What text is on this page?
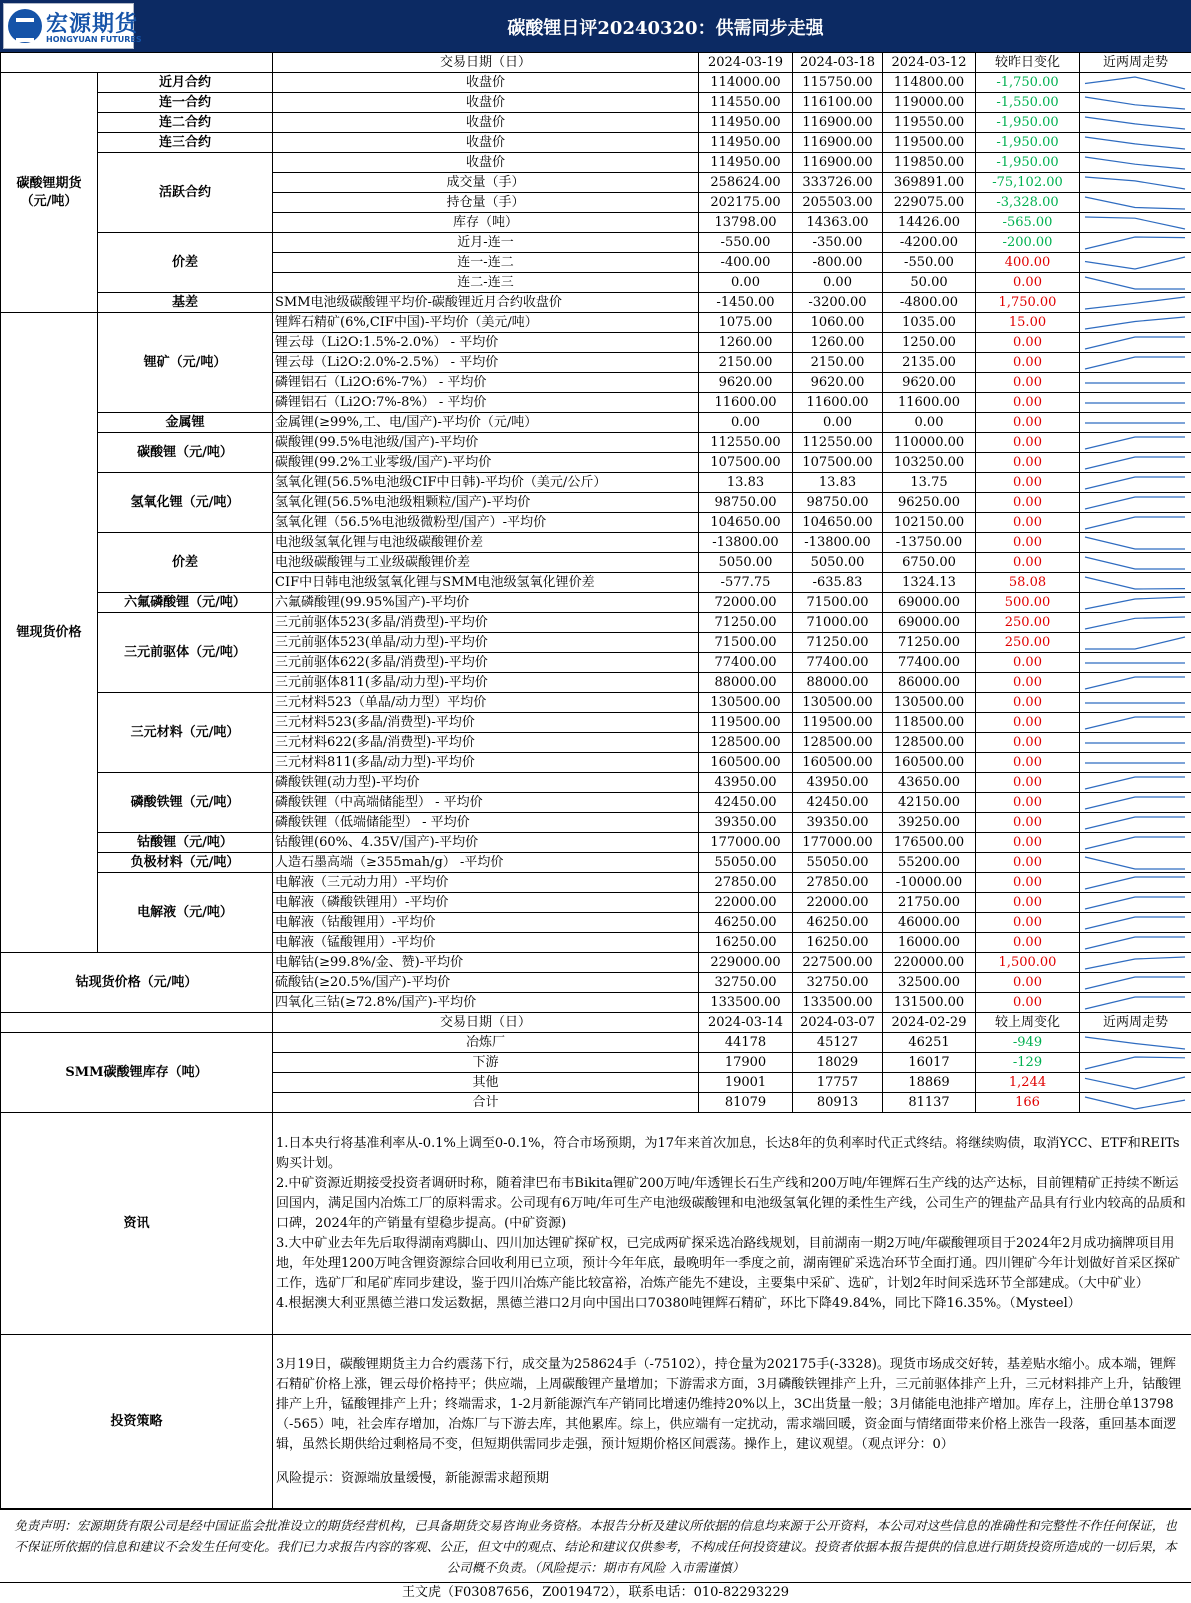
宏源期货
HONGYUAN FUTURES
碳酸锂日评20240320：供需同步走强
		交易日期（日）	2024-03-19	2024-03-18	2024-03-12	较昨日变化	近两周走势
碳酸锂期货
（元/吨）	近月合约	收盘价	114000.00	115750.00	114800.00	-1,750.00	

	连一合约	收盘价	114550.00	116100.00	119000.00	-1,550.00	

	连二合约	收盘价	114950.00	116900.00	119550.00	-1,950.00	

	连三合约	收盘价	114950.00	116900.00	119500.00	-1,950.00	

	活跃合约	收盘价	114950.00	116900.00	119850.00	-1,950.00	

		成交量（手）	258624.00	333726.00	369891.00	-75,102.00	

		持仓量（手）	202175.00	205503.00	229075.00	-3,328.00	

		库存（吨）	13798.00	14363.00	14426.00	-565.00	

	价差	近月-连一	-550.00	-350.00	-4200.00	-200.00	

		连一-连二	-400.00	-800.00	-550.00	400.00	

		连二-连三	0.00	0.00	50.00	0.00	

	基差	SMM电池级碳酸锂平均价-碳酸锂近月合约收盘价	-1450.00	-3200.00	-4800.00	1,750.00	

锂现货价格	锂矿（元/吨）	锂辉石精矿(6%,CIF中国)-平均价（美元/吨）	1075.00	1060.00	1035.00	15.00	

		锂云母（Li2O:1.5%-2.0%） - 平均价	1260.00	1260.00	1250.00	0.00	

		锂云母（Li2O:2.0%-2.5%） - 平均价	2150.00	2150.00	2135.00	0.00	

		磷锂铝石（Li2O:6%-7%） - 平均价	9620.00	9620.00	9620.00	0.00	

		磷锂铝石（Li2O:7%-8%） - 平均价	11600.00	11600.00	11600.00	0.00	

	金属锂	金属锂(≥99%,工、电/国产)-平均价（元/吨）	0.00	0.00	0.00	0.00	

	碳酸锂（元/吨）	碳酸锂(99.5%电池级/国产)-平均价	112550.00	112550.00	110000.00	0.00	

		碳酸锂(99.2%工业零级/国产)-平均价	107500.00	107500.00	103250.00	0.00	

	氢氧化锂（元/吨）	氢氧化锂(56.5%电池级CIF中日韩)-平均价（美元/公斤）	13.83	13.83	13.75	0.00	

		氢氧化锂(56.5%电池级粗颗粒/国产)-平均价	98750.00	98750.00	96250.00	0.00	

		氢氧化锂（56.5%电池级微粉型/国产）-平均价	104650.00	104650.00	102150.00	0.00	

	价差	电池级氢氧化锂与电池级碳酸锂价差	-13800.00	-13800.00	-13750.00	0.00	

		电池级碳酸锂与工业级碳酸锂价差	5050.00	5050.00	6750.00	0.00	

		CIF中日韩电池级氢氧化锂与SMM电池级氢氧化锂价差	-577.75	-635.83	1324.13	58.08	

	六氟磷酸锂（元/吨）	六氟磷酸锂(99.95%国产)-平均价	72000.00	71500.00	69000.00	500.00	

	三元前驱体（元/吨）	三元前驱体523(多晶/消费型)-平均价	71250.00	71000.00	69000.00	250.00	

		三元前驱体523(单晶/动力型)-平均价	71500.00	71250.00	71250.00	250.00	

		三元前驱体622(多晶/消费型)-平均价	77400.00	77400.00	77400.00	0.00	

		三元前驱体811(多晶/动力型)-平均价	88000.00	88000.00	86000.00	0.00	

	三元材料（元/吨）	三元材料523（单晶/动力型）平均价	130500.00	130500.00	130500.00	0.00	

		三元材料523(多晶/消费型)-平均价	119500.00	119500.00	118500.00	0.00	

		三元材料622(多晶/消费型)-平均价	128500.00	128500.00	128500.00	0.00	

		三元材料811(多晶/动力型)-平均价	160500.00	160500.00	160500.00	0.00	

	磷酸铁锂（元/吨）	磷酸铁锂(动力型)-平均价	43950.00	43950.00	43650.00	0.00	

		磷酸铁锂（中高端储能型） - 平均价	42450.00	42450.00	42150.00	0.00	

		磷酸铁锂（低端储能型） - 平均价	39350.00	39350.00	39250.00	0.00	

	钴酸锂（元/吨）	钴酸锂(60%、4.35V/国产)-平均价	177000.00	177000.00	176500.00	0.00	

	负极材料（元/吨）	人造石墨高端（≥355mah/g） -平均价	55050.00	55050.00	55200.00	0.00	

	电解液（元/吨）	电解液（三元动力用）-平均价	27850.00	27850.00	-10000.00	0.00	

		电解液（磷酸铁锂用）-平均价	22000.00	22000.00	21750.00	0.00	

		电解液（钴酸锂用）-平均价	46250.00	46250.00	46000.00	0.00	

		电解液（锰酸锂用）-平均价	16250.00	16250.00	16000.00	0.00	

钴现货价格（元/吨）		电解钴(≥99.8%/金、赞)-平均价	229000.00	227500.00	220000.00	1,500.00	

		硫酸钴(≥20.5%/国产)-平均价	32750.00	32750.00	32500.00	0.00	

		四氧化三钴(≥72.8%/国产)-平均价	133500.00	133500.00	131500.00	0.00	

		交易日期（日）	2024-03-14	2024-03-07	2024-02-29	较上周变化	近两周走势
SMM碳酸锂库存（吨）		冶炼厂	44178	45127	46251	-949	

		下游	17900	18029	16017	-129	

		其他	19001	17757	18869	1,244	

		合计	81079	80913	81137	166	

资讯		1.日本央行将基准利率从-0.1%上调至0-0.1%，符合市场预期，为17年来首次加息，长达8年的负利率时代正式终结。将继续购债，取消YCC、ETF和REITs购买计划。
2.中矿资源近期接受投资者调研时称，随着津巴布韦Bikita锂矿200万吨/年透锂长石生产线和200万吨/年锂辉石生产线的达产达标，目前锂精矿正持续不断运回国内，满足国内冶炼工厂的原料需求。公司现有6万吨/年可生产电池级碳酸锂和电池级氢氧化锂的柔性生产线，公司生产的锂盐产品具有行业内较高的品质和口碑，2024年的产销量有望稳步提高。(中矿资源)
3.大中矿业去年先后取得湖南鸡脚山、四川加达锂矿探矿权，已完成两矿探采选冶路线规划，目前湖南一期2万吨/年碳酸锂项目于2024年2月成功摘牌项目用地，年处理1200万吨含锂资源综合回收利用已立项，预计今年年底，最晚明年一季度之前，湖南锂矿采选冶环节全面打通。四川锂矿今年计划做好首采区探矿工作，选矿厂和尾矿库同步建设，鉴于四川冶炼产能比较富裕，冶炼产能先不建设，主要集中采矿、选矿，计划2年时间采选环节全部建成。（大中矿业）
4.根据澳大利亚黑德兰港口发运数据，黑德兰港口2月向中国出口70380吨锂辉石精矿，环比下降49.84%，同比下降16.35%。（Mysteel）					

投资策略		3月19日，碳酸锂期货主力合约震荡下行，成交量为258624手（-75102），持仓量为202175手(-3328)。现货市场成交好转，基差贴水缩小。成本端，锂辉石精矿价格上涨，锂云母价格持平；供应端，上周碳酸锂产量增加；下游需求方面，3月磷酸铁锂排产上升，三元前驱体排产上升，三元材料排产上升，钴酸锂排产上升，锰酸锂排产上升；终端需求，1-2月新能源汽车产销同比增速仍维持20%以上，3C出货量一般；3月储能电池排产增加。库存上，注册仓单13798（-565）吨，社会库存增加，冶炼厂与下游去库，其他累库。综上，供应端有一定扰动，需求端回暖，资金面与情绪面带来价格上涨告一段落，重回基本面逻辑，虽然长期供给过剩格局不变，但短期供需同步走强，预计短期价格区间震荡。操作上，建议观望。（观点评分：0）
风险提示：资源端放量缓慢，新能源需求超预期					
免责声明：宏源期货有限公司是经中国证监会批准设立的期货经营机构，已具备期货交易咨询业务资格。本报告分析及建议所依据的信息均来源于公开资料，本公司对这些信息的准确性和完整性不作任何保证，也不保证所依据的信息和建议不会发生任何变化。我们已力求报告内容的客观、公正，但文中的观点、结论和建议仅供参考，不构成任何投资建议。投资者依据本报告提供的信息进行期货投资所造成的一切后果，本公司概不负责。（风险提示：期市有风险 入市需谨慎）
王文虎（F03087656，Z0019472），联系电话：010-82293229
